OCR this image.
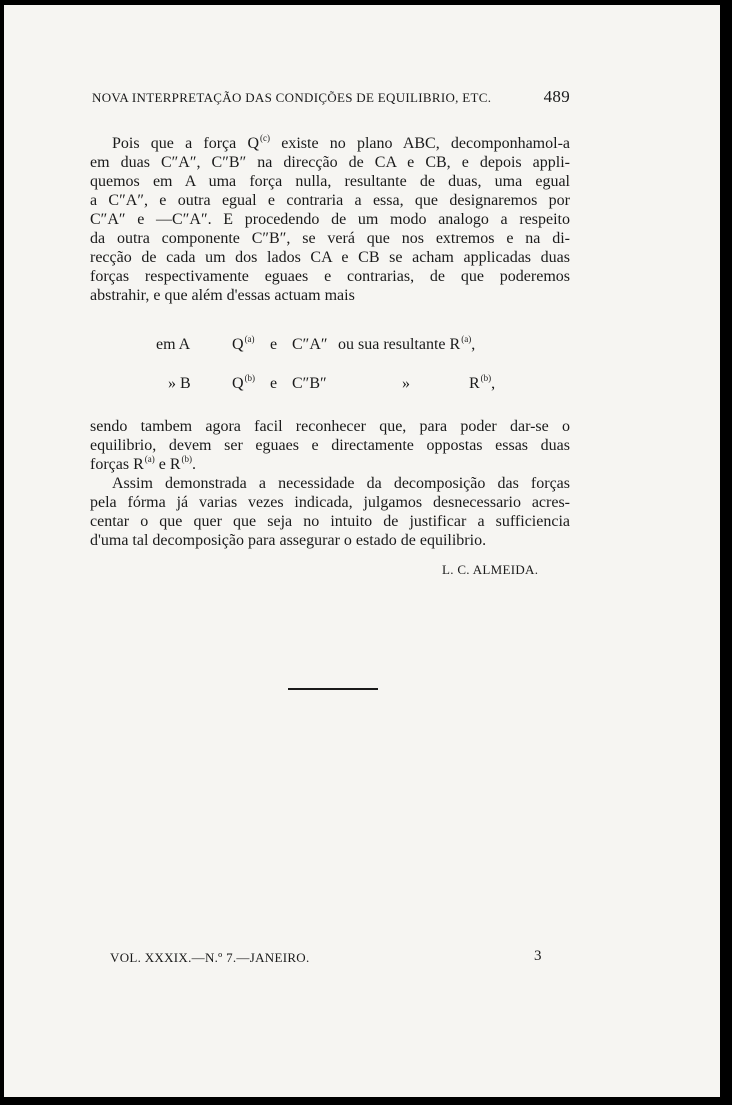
NOVA INTERPRETAÇÃO DAS CONDIÇÕES DE EQUILIBRIO, ETC.	489
Pois que a força $Q^{(c)}$ existe no plano ABC, decomponhamol-a
em duas C″A″, C″B″ na direcção de CA e CB, e depois appli-
quemos em A uma força nulla, resultante de duas, uma egual
a C″A″, e outra egual e contraria a essa, que designaremos por
C″A″ e —C″A″. E procedendo de um modo analogo a respeito
da outra componente C″B″, se verá que nos extremos e na di-
recção de cada um dos lados CA e CB se acham applicadas duas
forças respectivamente eguaes e contrarias, de que poderemos
abstrahir, e que além d'essas actuam mais
em A	$Q^{(a)}$ e C″A″ ou sua resultante $R^{(a)}$,
» B	$Q^{(b)}$ e C″B″	»	$R^{(b)}$,
sendo tambem agora facil reconhecer que, para poder dar-se o
equilibrio, devem ser eguaes e directamente oppostas essas duas
forças $R^{(a)}$ e $R^{(b)}$.
Assim demonstrada a necessidade da decomposição das forças
pela fórma já varias vezes indicada, julgamos desnecessario acres-
centar o que quer que seja no intuito de justificar a sufficiencia
d'uma tal decomposição para assegurar o estado de equilibrio.
L. C. ALMEIDA.
VOL. XXXIX.—N.º 7.—JANEIRO.	3
